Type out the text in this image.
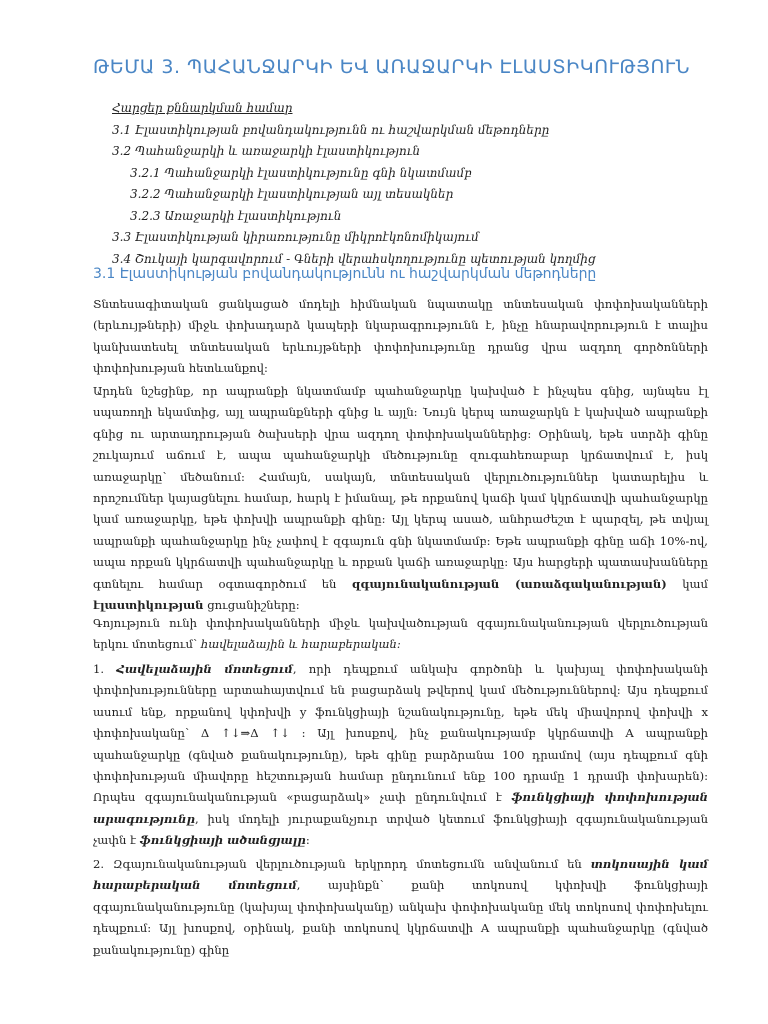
ԹԵՄԱ 3. ՊԱՀԱՆՋԱՐԿԻ ԵՎ ԱՌԱՋԱՐԿԻ ԷԼԱՍՏԻԿՈՒԹՅՈՒՆ
Հարցեր քննարկման համար
3.1 Էլաստիկության բովանդակությունն ու հաշվարկման մեթոդները
3.2 Պահանջարկի և առաջարկի էլաստիկություն
3.2.1 Պահանջարկի էլաստիկությունը գնի նկատմամբ
3.2.2 Պահանջարկի էլաստիկության այլ տեսակներ
3.2.3 Առաջարկի էլաստիկություն
3.3 Էլաստիկության կիրառությունը միկրոէկոնոմիկայում
3.4 Շուկայի կարգավորում - Գների վերահսկողությունը պետության կողմից
3.1 Էլաստիկության բովանդակությունն ու հաշվարկման մեթոդները
Տնտեսագիտական ցանկացած մոդելի հիմնական նպատակը տնտեսական փոփոխականների (երևույթների) միջև փոխադարձ կապերի նկարագրությունն է, ինչը հնարավորություն է տալիս կանխատեսել տնտեսական երևույթների փոփոխությունը դրանց վրա ազդող գործոնների փոփոխության հետևանքով:
Արդեն նշեցինք, որ ապրանքի նկատմամբ պահանջարկը կախված է ինչպես գնից, այնպես էլ սպառողի եկամտից, այլ ապրանքների գնից և այլն: Նույն կերպ առաջարկն է կախված ապրանքի գնից ու արտադրության ծախսերի վրա ազդող փոփոխականներից: Օրինակ, եթե ստրձի գինը շուկայում աճում է, ապա պահանջարկի մեծությունը զուգահեռաբար կրճատվում է, իսկ առաջարկը՝ մեծանում: Համայն, սակայն, տնտեսական վերլուծություններ կատարելիս և որոշումներ կայացնելու համար, հարկ է իմանալ, թե որքանով կաճի կամ կկրճատվի պահանջարկը կամ առաջարկը, եթե փոխվի ապրանքի գինը: Այլ կերպ ասած, անհրաժեշտ է պարզել, թե տվյալ ապրանքի պահանջարկը ինչ չափով է զգայուն գնի նկատմամբ: Եթե ապրանքի գինը աճի 10%-ով, ապա որքան կկրճատվի պահանջարկը և որքան կաճի առաջարկը: Այս հարցերի պատասխանները գտնելու համար օգտագործում են զգայունականության (առաձգականության) կամ էլաստիկության ցուցանիշները:
Գոյություն ունի փոփոխականների միջև կախվածության զգայունականության վերլուծության երկու մոտեցում՝ հավելաձային և հարաբերական:
1. Հավելաձային մոտեցում, որի դեպքում անկախ գործոնի և կախյալ փոփոխականի փոփոխությունները արտահայտվում են բացարձակ թվերով կամ մեծություններով: Այս դեպքում ասում ենք, որքանով կփոխվի y ֆունկցիայի նշանակությունը, եթե մեկ միավորով փոխվի x փոփոխականը՝ Δ ↑↓⇒Δ ↑↓ : Այլ խոսքով, ինչ քանակությամբ կկրճատվի A ապրանքի պահանջարկը (գնված քանակությունը), եթե գինը բարձրանա 100 դրամով (այս դեպքում գնի փոփոխության միավորը հեշտության համար ընդունում ենք 100 դրամը 1 դրամի փոխարեն): Որպես զգայունականության «բացարձակ» չափ ընդունվում է ֆունկցիայի փոփոխության արագությունը, իսկ մոդելի յուրաքանչյուր տրված կետում ֆունկցիայի զգայունականության չափն է ֆունկցիայի ածանցյալը:
2. Զգայունականության վերլուծության երկրորդ մոտեցումն անվանում են տոկոսային կամ հարաբերական մոտեցում, այսինքն՝ քանի տոկոսով կփոխվի ֆունկցիայի զգայունականությունը (կախյալ փոփոխականը) անկախ փոփոխականը մեկ տոկոսով փոփոխելու դեպքում: Այլ խոսքով, օրինակ, քանի տոկոսով կկրճատվի A ապրանքի պահանջարկը (գնված քանակությունը) գինը
